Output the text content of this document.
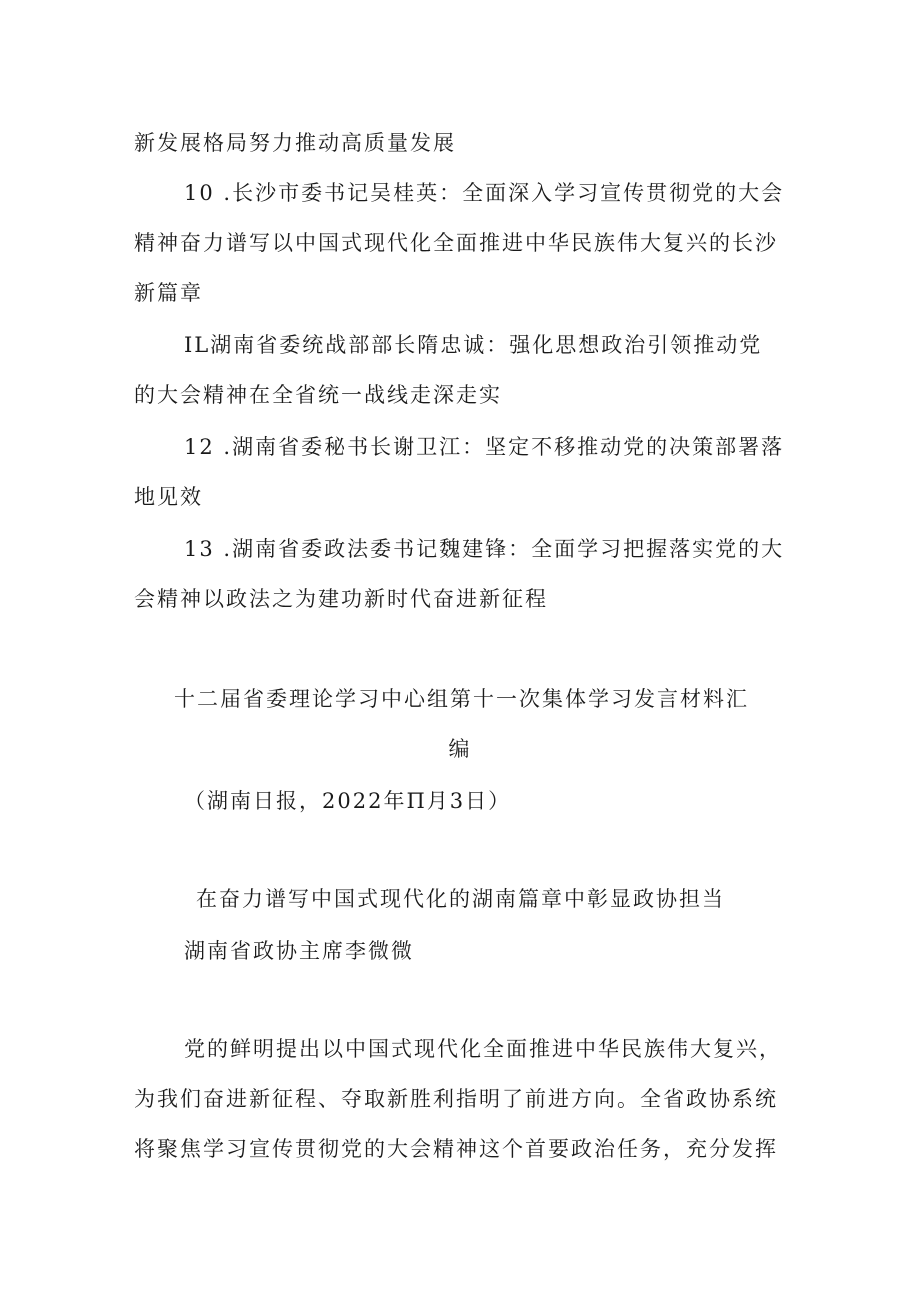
新发展格局努力推动高质量发展
10 .长沙市委书记吴桂英：全面深入学习宣传贯彻党的大会
精神奋力谱写以中国式现代化全面推进中华民族伟大复兴的长沙
新篇章
IL湖南省委统战部部长隋忠诚：强化思想政治引领推动党
的大会精神在全省统一战线走深走实
12 .湖南省委秘书长谢卫江：坚定不移推动党的决策部署落
地见效
13 .湖南省委政法委书记魏建锋：全面学习把握落实党的大
会精神以政法之为建功新时代奋进新征程
十二届省委理论学习中心组第十一次集体学习发言材料汇
编
（湖南日报，2022年Π月3日）
在奋力谱写中国式现代化的湖南篇章中彰显政协担当
湖南省政协主席李微微
党的鲜明提出以中国式现代化全面推进中华民族伟大复兴，
为我们奋进新征程、夺取新胜利指明了前进方向。全省政协系统
将聚焦学习宣传贯彻党的大会精神这个首要政治任务，充分发挥
